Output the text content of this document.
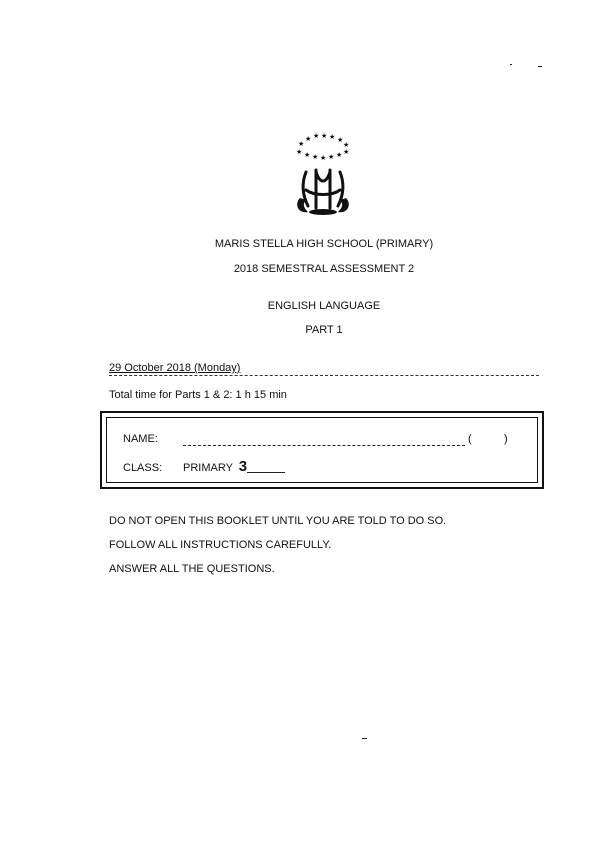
★
★ ★ ★ ★ ★
★
★ ★ ★ ★ ★ ★ ★
MARIS STELLA HIGH SCHOOL (PRIMARY)
2018 SEMESTRAL ASSESSMENT 2
ENGLISH LANGUAGE
PART 1
29 October 2018 (Monday)
Total time for Parts 1 & 2: 1 h 15 min
NAME:	(	)
CLASS: PRIMARY 3
DO NOT OPEN THIS BOOKLET UNTIL YOU ARE TOLD TO DO SO.
FOLLOW ALL INSTRUCTIONS CAREFULLY.
ANSWER ALL THE QUESTIONS.
